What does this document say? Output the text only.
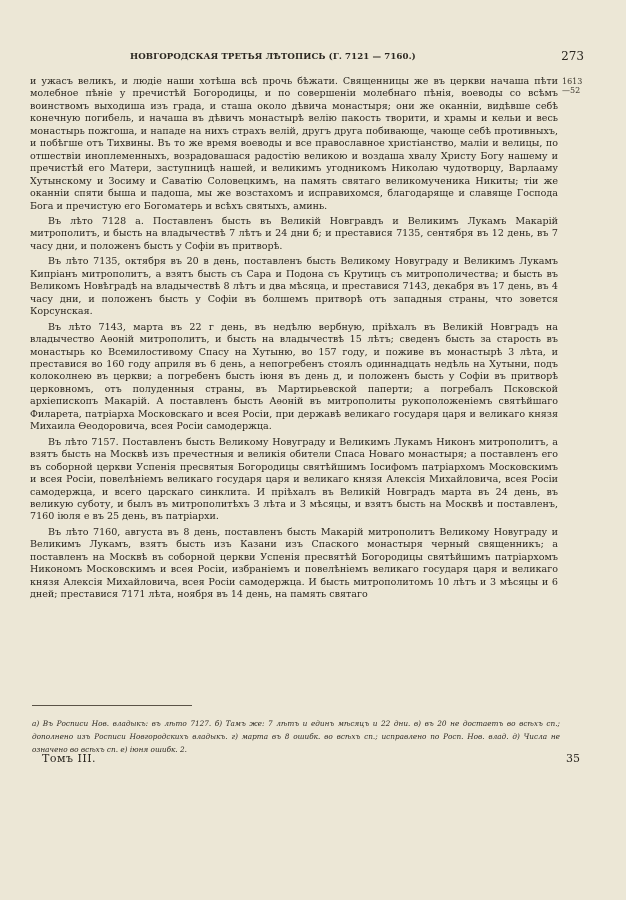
НОВГОРОДСКАЯ ТРЕТЬЯ ЛѢТОПИСЬ (Г. 7121 — 7160.)	273
1613 —52

и ужасъ великъ, и людіе наши хотѣша всѣ прочь бѣжати. Священницы же въ церкви начаша пѣти молебное пѣніе у пречистѣй Богородицы, и по совершеніи молебнаго пѣнія, воеводы со всѣмъ воинствомъ выходиша изъ града, и сташа около дѣвича монастыря; они же оканніи, видѣвше себѣ конечную погибель, и начаша въ дѣвичъ монастырѣ велію пакость творити, и храмы и кельи и весь монастырь пожгоша, и нападе на нихъ страхъ велій, другъ друга побивающе, чающе себѣ противныхъ, и побѣгше отъ Тихвины. Въ то же время воеводы и все православное христіанство, маліи и велицы, по отшествіи иноплеменныхъ, возрадовашася радостію великою и воздаша хвалу Христу Богу нашему и пречистѣй его Матери, заступницѣ нашей, и великимъ угодникомъ Николаю чудотворцу, Варлааму Хутынскому и Зосиму и Саватію Соловецкимъ, на память святаго великомученика Никиты; тіи же оканніи спяти быша и падоша, мы же возстахомъ и исправихомся, благодаряще и славяще Господа Бога и пречистую его Богоматерь и всѣхъ святыхъ, аминь.

Въ лѣто 7128 а. Поставленъ бысть въ Великій Новгравдъ и Великимъ Лукамъ Макарій митрополитъ, и бысть на владычествѣ 7 лѣтъ и 24 дни б; и преставися 7135, сентября въ 12 день, въ 7 часу дни, и положенъ бысть у Софіи въ притворѣ.

Въ лѣто 7135, октября въ 20 в день, поставленъ бысть Великому Новуграду и Великимъ Лукамъ Кипріанъ митрополитъ, а взятъ бысть съ Сара и Подона съ Крутицъ съ митрополичества; и бысть въ Великомъ Новѣградѣ на владычествѣ 8 лѣтъ и два мѣсяца, и преставися 7143, декабря въ 17 день, въ 4 часу дни, и положенъ бысть у Софіи въ болшемъ притворѣ отъ западныя страны, что зовется Корсунская.

Въ лѣто 7143, марта въ 22 г день, въ недѣлю вербную, пріѣхалъ въ Великій Новградъ на владычество Аѳоній митрополитъ, и бысть на владычествѣ 15 лѣтъ; сведенъ бысть за старость въ монастырь ко Всемилостивому Спасу на Хутыню, во 157 году, и поживе въ монастырѣ 3 лѣта, и преставися во 160 году априля въ 6 день, а непогребенъ стоялъ одиннадцать недѣль на Хутыни, подъ колоколнею въ церкви; а погребенъ бысть іюня въ день д, и положенъ бысть у Софіи въ притворѣ церковномъ, отъ полуденныя страны, въ Мартирьевской паперти; а погребалъ Псковской архіепископъ Макарій. А поставленъ бысть Аѳоній въ митрополиты рукоположеніемъ святѣйшаго Филарета, патріарха Московскаго и всея Росіи, при державѣ великаго государя царя и великаго князя Михаила Ѳеодоровича, всея Росіи самодержца.

Въ лѣто 7157. Поставленъ бысть Великому Новуграду и Великимъ Лукамъ Никонъ митрополитъ, а взятъ бысть на Москвѣ изъ пречестныя и великія обители Спаса Новаго монастыря; а поставленъ его въ соборной церкви Успенія пресвятыя Богородицы святѣйшимъ Іосифомъ патріархомъ Московскимъ и всея Росіи, повелѣніемъ великаго государя царя и великаго князя Алексія Михайловича, всея Росіи самодержца, и всего царскаго синклита. И пріѣхалъ въ Великій Новградъ марта въ 24 день, въ великую суботу, и былъ въ митрополитѣхъ 3 лѣта и 3 мѣсяцы, и взятъ бысть на Москвѣ и поставленъ, 7160 іюля е въ 25 день, въ патріархи.

Въ лѣто 7160, августа въ 8 день, поставленъ бысть Макарій митрополитъ Великому Новуграду и Великимъ Лукамъ, взятъ бысть изъ Казани изъ Спаского монастыря черный священникъ; а поставленъ на Москвѣ въ соборной церкви Успенія пресвятѣй Богородицы святѣйшимъ патріархомъ Никономъ Московскимъ и всея Росіи, избраніемъ и повелѣніемъ великаго государя царя и великаго князя Алексія Михайловича, всея Росіи самодержца. И бысть митрополитомъ 10 лѣтъ и 3 мѣсяцы и 6 дней; преставися 7171 лѣта, ноября въ 14 день, на память святаго

а) Въ Росписи Нов. владыкъ: въ лѣто 7127. б) Тамъ же: 7 лѣтъ и единъ мѣсяцъ и 22 дни. в) въ 20 не достаетъ во всѣхъ сп.; дополнено изъ Росписи Новгородскихъ владыкъ. г) марта въ 8 ошибк. во всѣхъ сп.; исправлено по Росп. Нов. влад. д) Числа не означено во всѣхъ сп. е) іюня ошибк. 2.
Томъ III.	35
